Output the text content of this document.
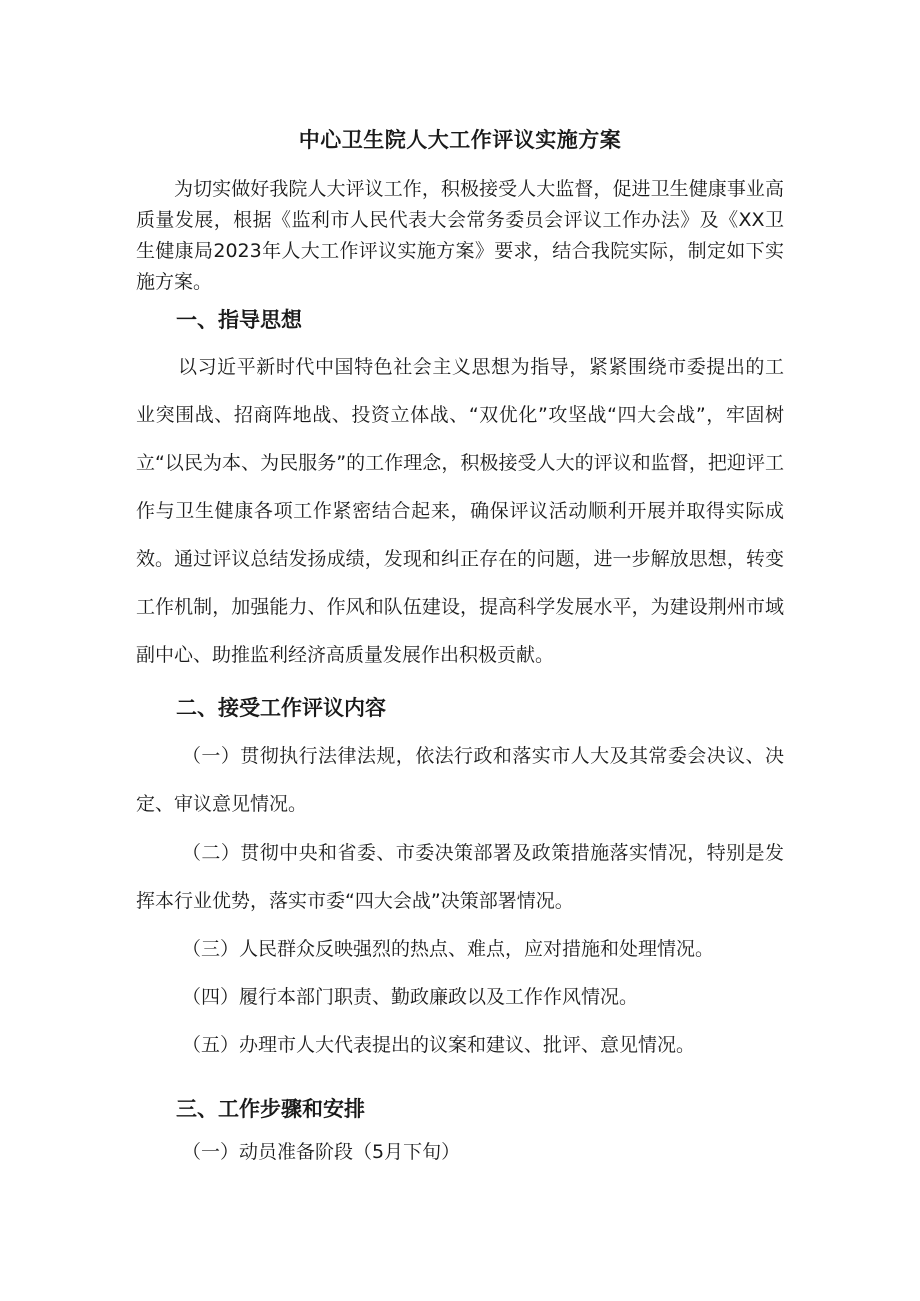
中心卫生院人大工作评议实施方案

为切实做好我院人大评议工作，积极接受人大监督，促进卫生健康事业高质量发展，根据《监利市人民代表大会常务委员会评议工作办法》及《XX卫生健康局2023年人大工作评议实施方案》要求，结合我院实际，制定如下实施方案。

一、指导思想

以习近平新时代中国特色社会主义思想为指导，紧紧围绕市委提出的工业突围战、招商阵地战、投资立体战、“双优化”攻坚战“四大会战”，牢固树立“以民为本、为民服务”的工作理念，积极接受人大的评议和监督，把迎评工作与卫生健康各项工作紧密结合起来，确保评议活动顺利开展并取得实际成效。通过评议总结发扬成绩，发现和纠正存在的问题，进一步解放思想，转变工作机制，加强能力、作风和队伍建设，提高科学发展水平，为建设荆州市域副中心、助推监利经济高质量发展作出积极贡献。

二、接受工作评议内容

（一）贯彻执行法律法规，依法行政和落实市人大及其常委会决议、决定、审议意见情况。

（二）贯彻中央和省委、市委决策部署及政策措施落实情况，特别是发挥本行业优势，落实市委“四大会战”决策部署情况。

（三）人民群众反映强烈的热点、难点，应对措施和处理情况。

（四）履行本部门职责、勤政廉政以及工作作风情况。

（五）办理市人大代表提出的议案和建议、批评、意见情况。

三、工作步骤和安排

（一）动员准备阶段（5月下旬）
